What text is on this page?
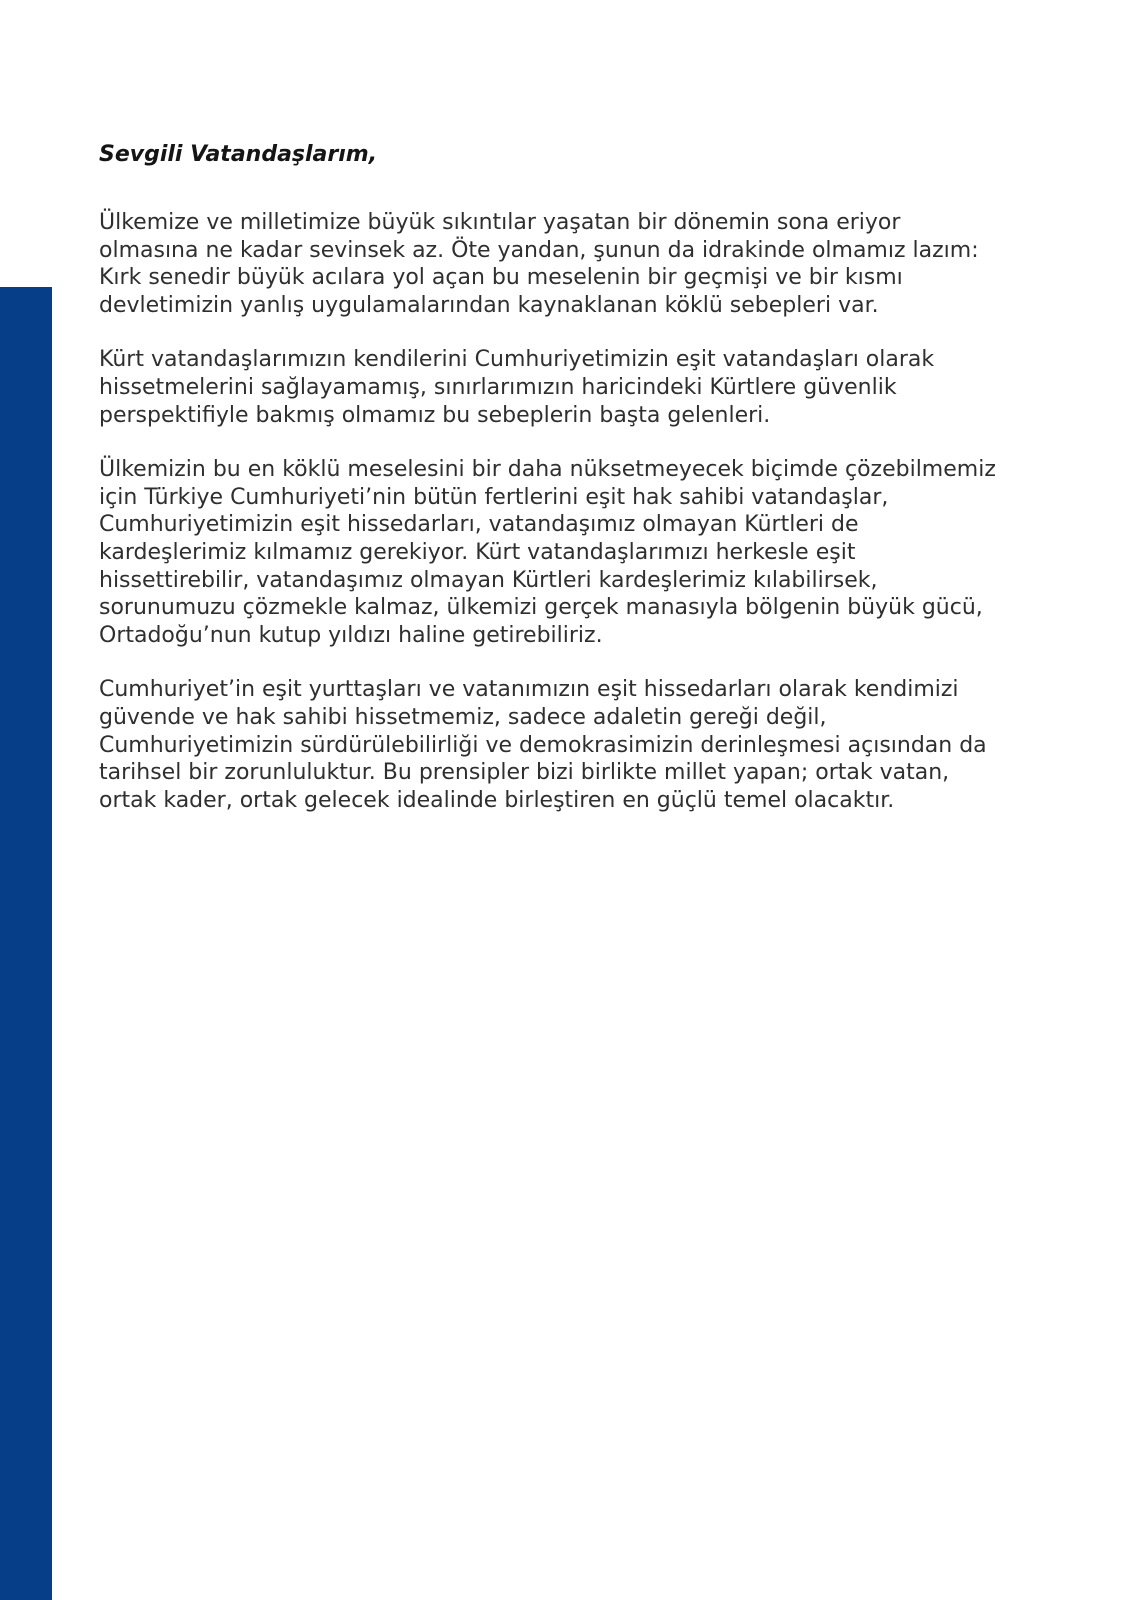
Sevgili Vatandaşlarım,

Ülkemize ve milletimize büyük sıkıntılar yaşatan bir dönemin sona eriyor
olmasına ne kadar sevinsek az. Öte yandan, şunun da idrakinde olmamız lazım:
Kırk senedir büyük acılara yol açan bu meselenin bir geçmişi ve bir kısmı
devletimizin yanlış uygulamalarından kaynaklanan köklü sebepleri var.

Kürt vatandaşlarımızın kendilerini Cumhuriyetimizin eşit vatandaşları olarak
hissetmelerini sağlayamamış, sınırlarımızın haricindeki Kürtlere güvenlik
perspektifiyle bakmış olmamız bu sebeplerin başta gelenleri.

Ülkemizin bu en köklü meselesini bir daha nüksetmeyecek biçimde çözebilmemiz
için Türkiye Cumhuriyeti’nin bütün fertlerini eşit hak sahibi vatandaşlar,
Cumhuriyetimizin eşit hissedarları, vatandaşımız olmayan Kürtleri de
kardeşlerimiz kılmamız gerekiyor. Kürt vatandaşlarımızı herkesle eşit
hissettirebilir, vatandaşımız olmayan Kürtleri kardeşlerimiz kılabilirsek,
sorunumuzu çözmekle kalmaz, ülkemizi gerçek manasıyla bölgenin büyük gücü,
Ortadoğu’nun kutup yıldızı haline getirebiliriz.

Cumhuriyet’in eşit yurttaşları ve vatanımızın eşit hissedarları olarak kendimizi
güvende ve hak sahibi hissetmemiz, sadece adaletin gereği değil,
Cumhuriyetimizin sürdürülebilirliği ve demokrasimizin derinleşmesi açısından da
tarihsel bir zorunluluktur. Bu prensipler bizi birlikte millet yapan; ortak vatan,
ortak kader, ortak gelecek idealinde birleştiren en güçlü temel olacaktır.
